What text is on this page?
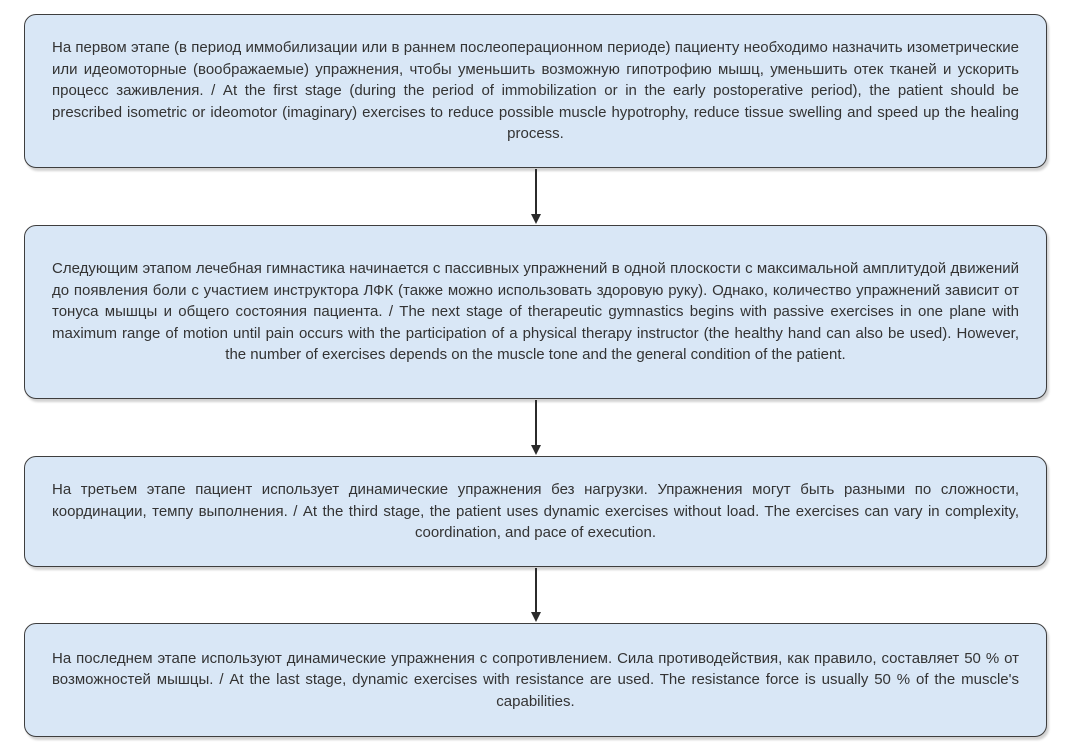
На первом этапе (в период иммобилизации или в раннем послеоперационном периоде) пациенту необходимо назначить изометрические или идеомоторные (воображаемые) упражнения, чтобы уменьшить возможную гипотрофию мышц, уменьшить отек тканей и ускорить процесс заживления. / At the first stage (during the period of immobilization or in the early postoperative period), the patient should be prescribed isometric or ideomotor (imaginary) exercises to reduce possible muscle hypotrophy, reduce tissue swelling and speed up the healing process.
Следующим этапом лечебная гимнастика начинается с пассивных упражнений в одной плоскости с максимальной амплитудой движений до появления боли с участием инструктора ЛФК (также можно использовать здоровую руку). Однако, количество упражнений зависит от тонуса мышцы и общего состояния пациента. / The next stage of therapeutic gymnastics begins with passive exercises in one plane with maximum range of motion until pain occurs with the participation of a physical therapy instructor (the healthy hand can also be used). However, the number of exercises depends on the muscle tone and the general condition of the patient.
На третьем этапе пациент использует динамические упражнения без нагрузки. Упражнения могут быть разными по сложности, координации, темпу выполнения. / At the third stage, the patient uses dynamic exercises without load. The exercises can vary in complexity, coordination, and pace of execution.
На последнем этапе используют динамические упражнения с сопротивлением. Сила противодействия, как правило, составляет 50 % от возможностей мышцы. / At the last stage, dynamic exercises with resistance are used. The resistance force is usually 50 % of the muscle's capabilities.
